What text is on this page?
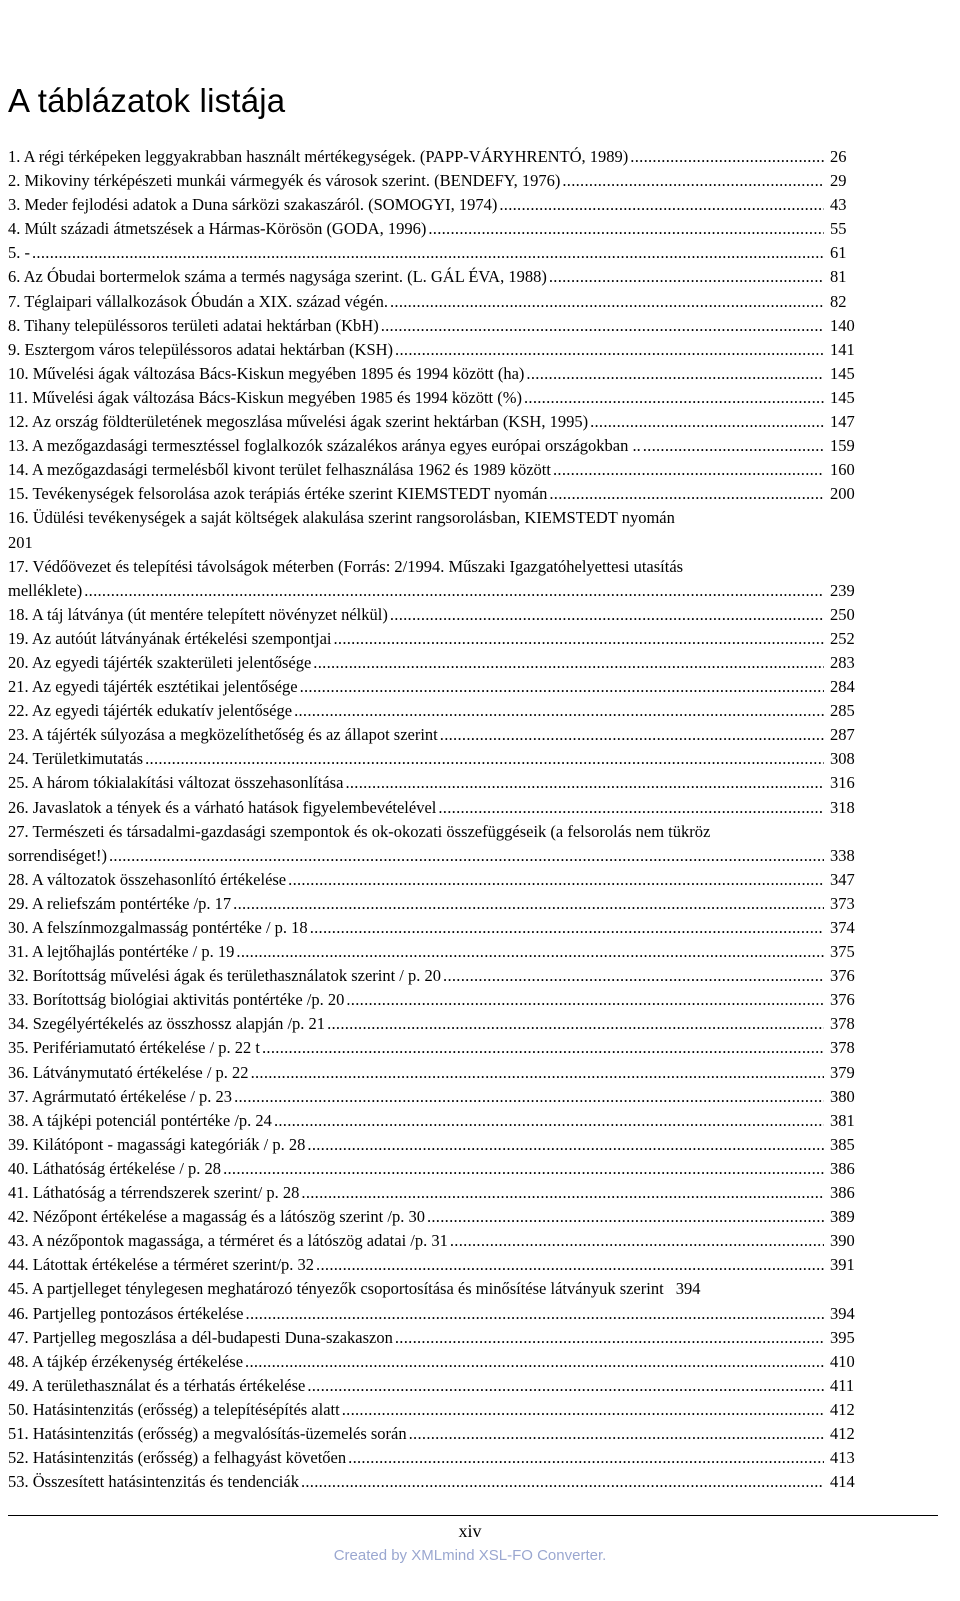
A táblázatok listája
1. A régi térképeken leggyakrabban használt mértékegységek. (PAPP-VÁRYHRENTÓ, 1989) .....	26
2. Mikoviny térképészeti munkái vármegyék és városok szerint. (BENDEFY, 1976) .....	29
3. Meder fejlodési adatok a Duna sárközi szakaszáról. (SOMOGYI, 1974) .....	43
4. Múlt századi átmetszések a Hármas-Körösön (GODA, 1996) .....	55
5. - .....	61
6. Az Óbudai bortermelok száma a termés nagysága szerint. (L. GÁL ÉVA, 1988) .....	81
7. Téglaipari vállalkozások Óbudán a XIX. század végén. .....	82
8. Tihany településsoros területi adatai hektárban (KbH) .....	140
9. Esztergom város településsoros adatai hektárban (KSH) .....	141
10. Művelési ágak változása Bács-Kiskun megyében 1895 és 1994 között (ha) .....	145
11. Művelési ágak változása Bács-Kiskun megyében 1985 és 1994 között (%) .....	145
12. Az ország földterületének megoszlása művelési ágak szerint hektárban (KSH, 1995) .....	147
13. A mezőgazdasági termesztéssel foglalkozók százalékos aránya egyes európai országokban .. .....	159
14. A mezőgazdasági termelésből kivont terület felhasználása 1962 és 1989 között .....	160
15. Tevékenységek felsorolása azok terápiás értéke szerint KIEMSTEDT nyomán .....	200
16. Üdülési tevékenységek a saját költségek alakulása szerint rangsorolásban, KIEMSTEDT nyomán
201
17. Védőövezet és telepítési távolságok méterben (Forrás: 2/1994. Műszaki Igazgatóhelyettesi utasítás
melléklete) .....	239
18. A táj látványa (út mentére telepített növényzet nélkül) .....	250
19. Az autóút látványának értékelési szempontjai .....	252
20. Az egyedi tájérték szakterületi jelentősége .....	283
21. Az egyedi tájérték esztétikai jelentősége .....	284
22. Az egyedi tájérték edukatív jelentősége .....	285
23. A tájérték súlyozása a megközelíthetőség és az állapot szerint .....	287
24. Területkimutatás .....	308
25. A három tókialakítási változat összehasonlítása .....	316
26. Javaslatok a tények és a várható hatások figyelembevételével .....	318
27. Természeti és társadalmi-gazdasági szempontok és ok-okozati összefüggéseik (a felsorolás nem tükröz
sorrendiséget!) .....	338
28. A változatok összehasonlító értékelése .....	347
29. A reliefszám pontértéke /p. 17 .....	373
30. A felszínmozgalmasság pontértéke / p. 18 .....	374
31. A lejtőhajlás pontértéke / p. 19 .....	375
32. Borítottság művelési ágak és területhasználatok szerint / p. 20 .....	376
33. Borítottság biológiai aktivitás pontértéke /p. 20 .....	376
34. Szegélyértékelés az összhossz alapján /p. 21 .....	378
35. Perifériamutató értékelése / p. 22 t .....	378
36. Látványmutató értékelése / p. 22 .....	379
37. Agrármutató értékelése / p. 23 .....	380
38. A tájképi potenciál pontértéke /p. 24 .....	381
39. Kilátópont - magassági kategóriák / p. 28 .....	385
40. Láthatóság értékelése / p. 28 .....	386
41. Láthatóság a térrendszerek szerint/ p. 28 .....	386
42. Nézőpont értékelése a magasság és a látószög szerint /p. 30 .....	389
43. A nézőpontok magassága, a térméret és a látószög adatai /p. 31 .....	390
44. Látottak értékelése a térméret szerint/p. 32 .....	391
45. A partjelleget ténylegesen meghatározó tényezők csoportosítása és minősítése látványuk szerint 394
46. Partjelleg pontozásos értékelése .....	394
47. Partjelleg megoszlása a dél-budapesti Duna-szakaszon .....	395
48. A tájkép érzékenység értékelése .....	410
49. A területhasználat és a térhatás értékelése .....	411
50. Hatásintenzitás (erősség) a telepítésépítés alatt .....	412
51. Hatásintenzitás (erősség) a megvalósítás-üzemelés során .....	412
52. Hatásintenzitás (erősség) a felhagyást követően .....	413
53. Összesített hatásintenzitás és tendenciák .....	414
xiv
Created by XMLmind XSL-FO Converter.
